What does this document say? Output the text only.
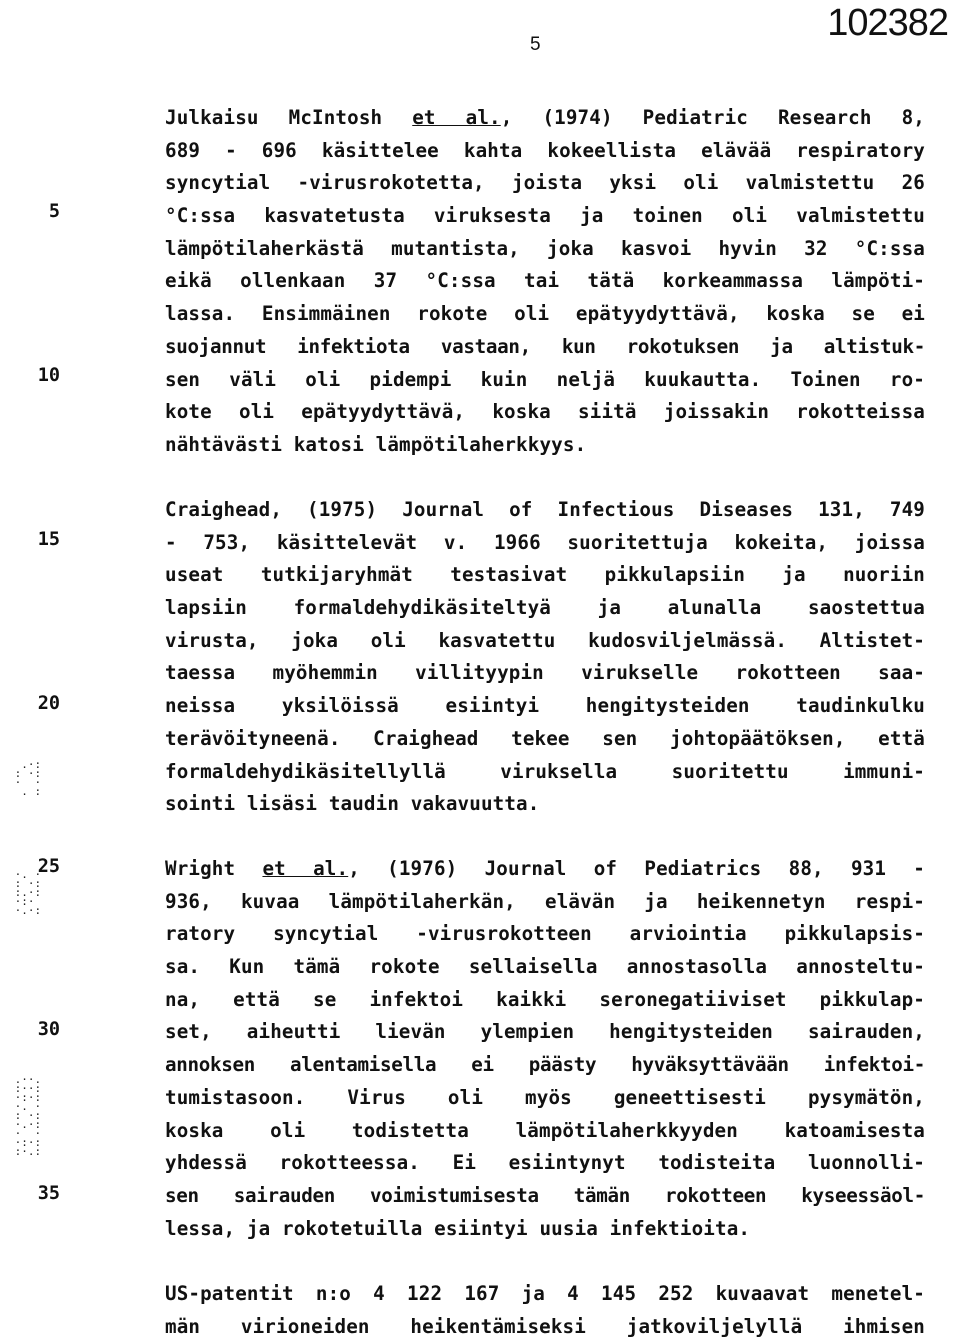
102382
5
5
10
15
20
25
30
35
.·:
: ·:
·  ·
. :

·. ·
: ·:
:.·:
·:·
·.·:

.··.
:··:
·:·:
·. ·
: ·:
·.·:
·  ·
·:·:
:·.:

Julkaisu McIntosh et al., (1974) Pediatric Research 8,
689 - 696 käsittelee kahta kokeellista elävää respiratory
syncytial -virusrokotetta, joista yksi oli valmistettu 26
°C:ssa kasvatetusta viruksesta ja toinen oli valmistettu
lämpötilaherkästä mutantista, joka kasvoi hyvin 32 °C:ssa
eikä ollenkaan 37 °C:ssa tai tätä korkeammassa lämpöti-
lassa. Ensimmäinen rokote oli epätyydyttävä, koska se ei
suojannut infektiota vastaan, kun rokotuksen ja altistuk-
sen väli oli pidempi kuin neljä kuukautta. Toinen ro-
kote oli epätyydyttävä, koska siitä joissakin rokotteissa
nähtävästi katosi lämpötilaherkkyys.
Craighead, (1975) Journal of Infectious Diseases 131, 749
- 753, käsittelevät v. 1966 suoritettuja kokeita, joissa
useat tutkijaryhmät testasivat pikkulapsiin ja nuoriin
lapsiin formaldehydikäsiteltyä ja alunalla saostettua
virusta, joka oli kasvatettu kudosviljelmässä. Altistet-
taessa myöhemmin villityypin virukselle rokotteen saa-
neissa yksilöissä esiintyi hengitysteiden taudinkulku
terävöityneenä. Craighead tekee sen johtopäätöksen, että
formaldehydikäsitellyllä viruksella suoritettu immuni-
sointi lisäsi taudin vakavuutta.
Wright et al., (1976) Journal of Pediatrics 88, 931 -
936, kuvaa lämpötilaherkän, elävän ja heikennetyn respi-
ratory syncytial -virusrokotteen arviointia pikkulapsis-
sa. Kun tämä rokote sellaisella annostasolla annosteltu-
na, että se infektoi kaikki seronegatiiviset pikkulap-
set, aiheutti lievän ylempien hengitysteiden sairauden,
annoksen alentamisella ei päästy hyväksyttävään infektoi-
tumistasoon. Virus oli myös geneettisesti pysymätön,
koska oli todistetta lämpötilaherkkyyden katoamisesta
yhdessä rokotteessa. Ei esiintynyt todisteita luonnolli-
sen sairauden voimistumisesta tämän rokotteen kyseessäol-
lessa, ja rokotetuilla esiintyi uusia infektioita.
US-patentit n:o 4 122 167 ja 4 145 252 kuvaavat menetel-
män virioneiden heikentämiseksi jatkoviljelyllä ihmisen
